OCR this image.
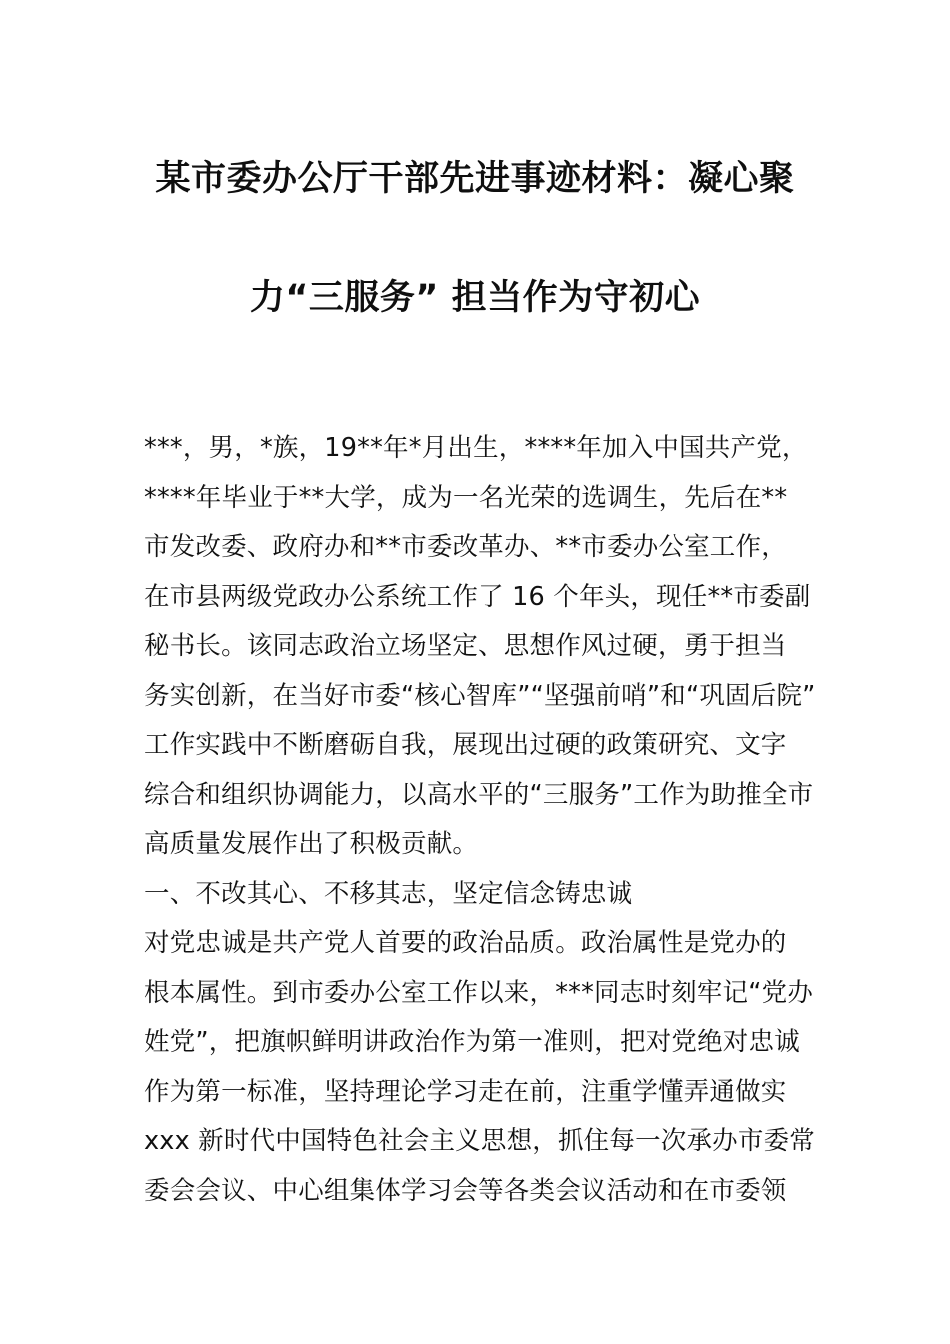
某市委办公厅干部先进事迹材料：凝心聚
力“三服务” 担当作为守初心
***，男，*族，19**年*月出生，****年加入中国共产党，
****年毕业于**大学，成为一名光荣的选调生，先后在**
市发改委、政府办和**市委改革办、**市委办公室工作，
在市县两级党政办公系统工作了 16 个年头，现任**市委副
秘书长。该同志政治立场坚定、思想作风过硬，勇于担当
务实创新，在当好市委“核心智库”“坚强前哨”和“巩固后院”
工作实践中不断磨砺自我，展现出过硬的政策研究、文字
综合和组织协调能力，以高水平的“三服务”工作为助推全市
高质量发展作出了积极贡献。
一、不改其心、不移其志，坚定信念铸忠诚
对党忠诚是共产党人首要的政治品质。政治属性是党办的
根本属性。到市委办公室工作以来，***同志时刻牢记“党办
姓党”，把旗帜鲜明讲政治作为第一准则，把对党绝对忠诚
作为第一标准，坚持理论学习走在前，注重学懂弄通做实
xxx 新时代中国特色社会主义思想，抓住每一次承办市委常
委会会议、中心组集体学习会等各类会议活动和在市委领
